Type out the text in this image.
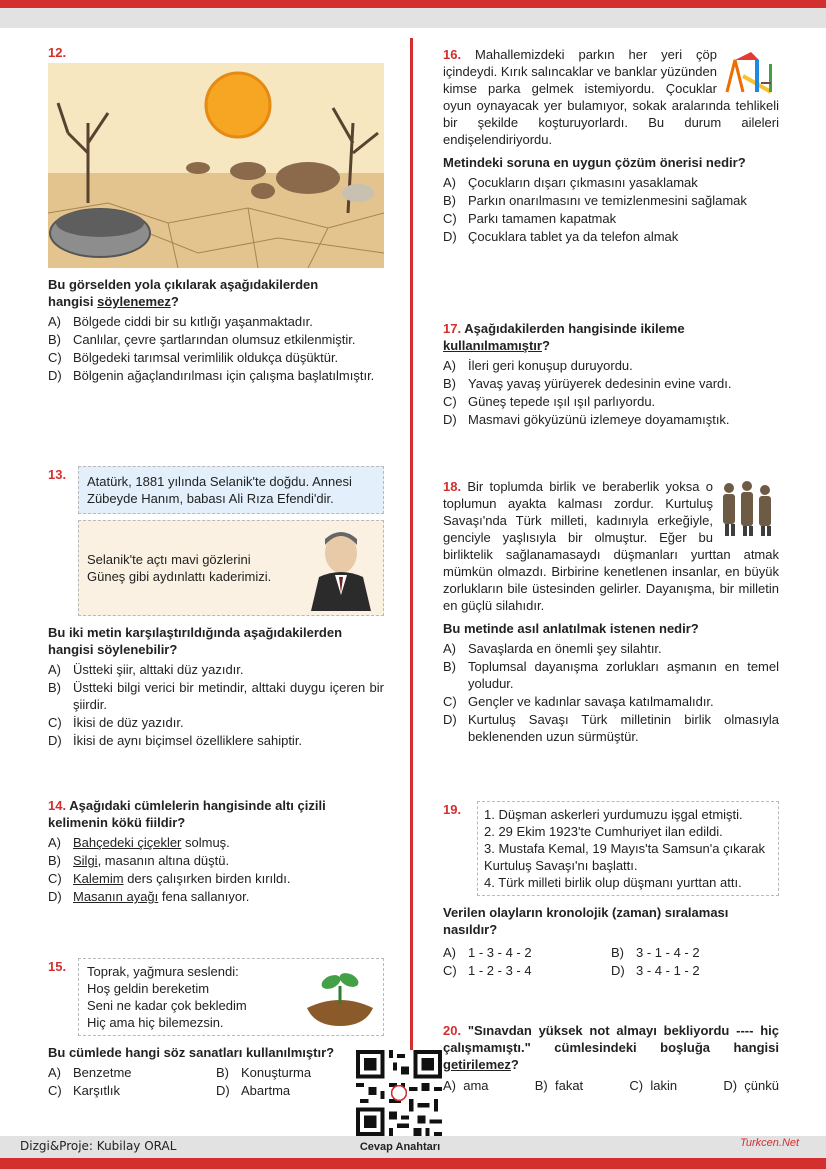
12.
Bu görselden yola çıkılarak aşağıdakilerden
hangisi söylenemez?
A) Bölgede ciddi bir su kıtlığı yaşanmaktadır.
B) Canlılar, çevre şartlarından olumsuz etkilenmiştir.
C) Bölgedeki tarımsal verimlilik oldukça düşüktür.
D) Bölgenin ağaçlandırılması için çalışma başlatılmıştır.
13.	Atatürk, 1881 yılında Selanik'te doğdu. Annesi Zübeyde Hanım, babası Ali Rıza Efendi'dir.
Selanik'te açtı mavi gözlerini
Güneş gibi aydınlattı kaderimizi.
Bu iki metin karşılaştırıldığında aşağıdakilerden hangisi söylenebilir?
A) Üstteki şiir, alttaki düz yazıdır.
B) Üstteki bilgi verici bir metindir, alttaki duygu içeren bir şiirdir.
C) İkisi de düz yazıdır.
D) İkisi de aynı biçimsel özelliklere sahiptir.
14. Aşağıdaki cümlelerin hangisinde altı çizili kelimenin kökü fiildir?
A) Bahçedeki çiçekler solmuş.
B) Silgi, masanın altına düştü.
C) Kalemim ders çalışırken birden kırıldı.
D) Masanın ayağı fena sallanıyor.
15.	Toprak, yağmura seslendi:
Hoş geldin bereketim
Seni ne kadar çok bekledim
Hiç ama hiç bilemezsin.
Bu cümlede hangi söz sanatları kullanılmıştır?
A) Benzetme	B) Konuşturma
C) Karşıtlık	D) Abartma
16. Mahallemizdeki parkın her yeri çöp içindeydi. Kırık salıncaklar ve banklar yüzünden kimse parka gelmek istemiyordu. Çocuklar oyun oynayacak yer bulamıyor, sokak aralarında tehlikeli bir şekilde koşturuyorlardı. Bu durum aileleri endişelendiriyordu.
Metindeki soruna en uygun çözüm önerisi nedir?
A) Çocukların dışarı çıkmasını yasaklamak
B) Parkın onarılmasını ve temizlenmesini sağlamak
C) Parkı tamamen kapatmak
D) Çocuklara tablet ya da telefon almak
17. Aşağıdakilerden hangisinde ikileme kullanılmamıştır?
A) İleri geri konuşup duruyordu.
B) Yavaş yavaş yürüyerek dedesinin evine vardı.
C) Güneş tepede ışıl ışıl parlıyordu.
D) Masmavi gökyüzünü izlemeye doyamamıştık.
18. Bir toplumda birlik ve beraberlik yoksa o toplumun ayakta kalması zordur. Kurtuluş Savaşı'nda Türk milleti, kadınıyla erkeğiyle, genciyle yaşlısıyla bir olmuştur. Eğer bu birliktelik sağlanamasaydı düşmanları yurttan atmak mümkün olmazdı. Birbirine kenetlenen insanlar, en büyük zorlukların bile üstesinden gelirler. Dayanışma, bir milletin en güçlü silahıdır.
Bu metinde asıl anlatılmak istenen nedir?
A) Savaşlarda en önemli şey silahtır.
B) Toplumsal dayanışma zorlukları aşmanın en temel yoludur.
C) Gençler ve kadınlar savaşa katılmamalıdır.
D) Kurtuluş Savaşı Türk milletinin birlik olmasıyla beklenenden uzun sürmüştür.
19.	1. Düşman askerleri yurdumuzu işgal etmişti.
2. 29 Ekim 1923'te Cumhuriyet ilan edildi.
3. Mustafa Kemal, 19 Mayıs'ta Samsun'a çıkarak Kurtuluş Savaşı'nı başlattı.
4. Türk milleti birlik olup düşmanı yurttan attı.
Verilen olayların kronolojik (zaman) sıralaması nasıldır?
A) 1 - 3 - 4 - 2	B) 3 - 1 - 4 - 2
C) 1 - 2 - 3 - 4	D) 3 - 4 - 1 - 2
20. "Sınavdan yüksek not almayı bekliyordu ---- hiç çalışmamıştı." cümlesindeki boşluğa hangisi getirilemez?
A) ama	B) fakat	C) lakin	D) çünkü
Dizgi&Proje: Kubilay ORAL	Cevap Anahtarı	Turkcen.Net
